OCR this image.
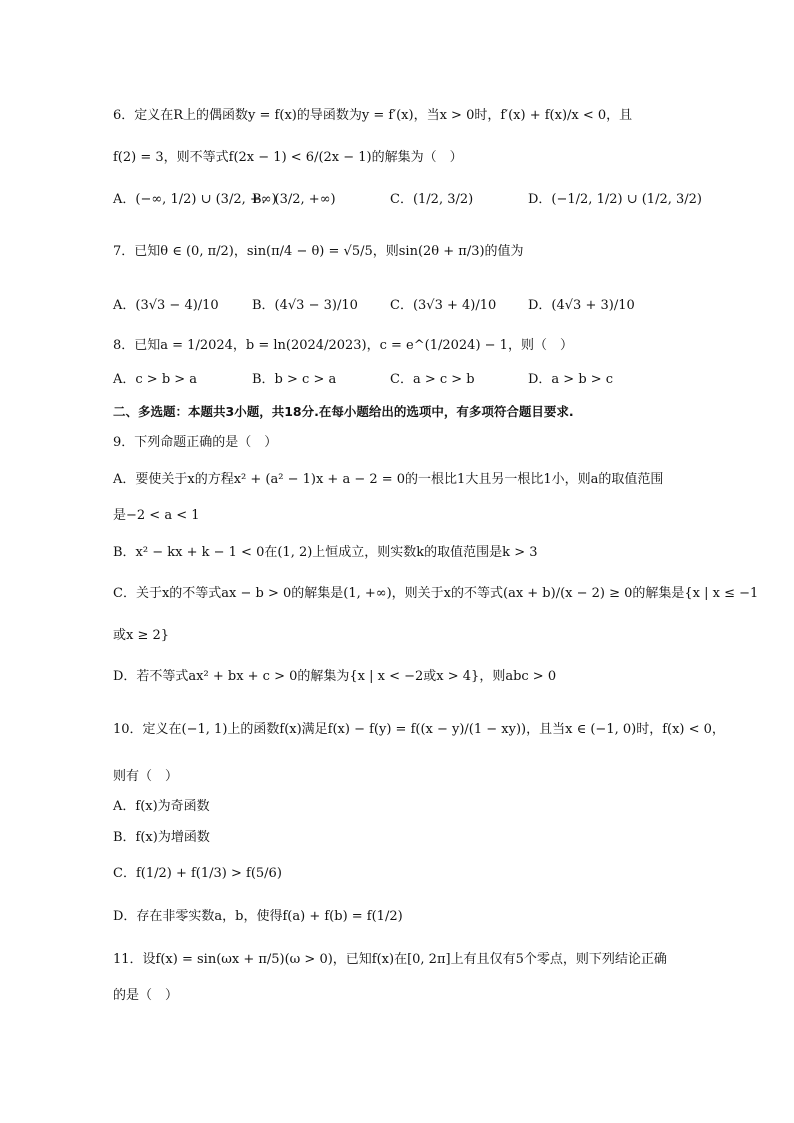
6．定义在R上的偶函数y = f(x)的导函数为y = f′(x)，当x > 0时，f′(x) + f(x)/x < 0，且
f(2) = 3，则不等式f(2x − 1) < 6/(2x − 1)的解集为（　）
A．(−∞, 1/2) ∪ (3/2, +∞)
B．(3/2, +∞)	C．(1/2, 3/2)	D．(−1/2, 1/2) ∪ (1/2, 3/2)
7．已知θ ∈ (0, π/2)，sin(π/4 − θ) = √5/5，则sin(2θ + π/3)的值为
A．(3√3 − 4)/10	B．(4√3 − 3)/10 C．(3√3 + 4)/10 D．(4√3 + 3)/10
8．已知a = 1/2024，b = ln(2024/2023)，c = e^(1/2024) − 1，则（　）
A．c > b > a	B．b > c > a	C．a > c > b	D．a > b > c
二、多选题：本题共3小题，共18分.在每小题给出的选项中，有多项符合题目要求.
9．下列命题正确的是（　）
A．要使关于x的方程x² + (a² − 1)x + a − 2 = 0的一根比1大且另一根比1小，则a的取值范围
是−2 < a < 1
B．x² − kx + k − 1 < 0在(1, 2)上恒成立，则实数k的取值范围是k > 3
C．关于x的不等式ax − b > 0的解集是(1, +∞)，则关于x的不等式(ax + b)/(x − 2) ≥ 0的解集是{x | x ≤ −1
或x ≥ 2}
D．若不等式ax² + bx + c > 0的解集为{x | x < −2或x > 4}，则abc > 0
10．定义在(−1, 1)上的函数f(x)满足f(x) − f(y) = f((x − y)/(1 − xy))，且当x ∈ (−1, 0)时，f(x) < 0，
则有（　）
A．f(x)为奇函数
B．f(x)为增函数
C．f(1/2) + f(1/3) > f(5/6)
D．存在非零实数a，b，使得f(a) + f(b) = f(1/2)
11．设f(x) = sin(ωx + π/5)(ω > 0)，已知f(x)在[0, 2π]上有且仅有5个零点，则下列结论正确
的是（　）
